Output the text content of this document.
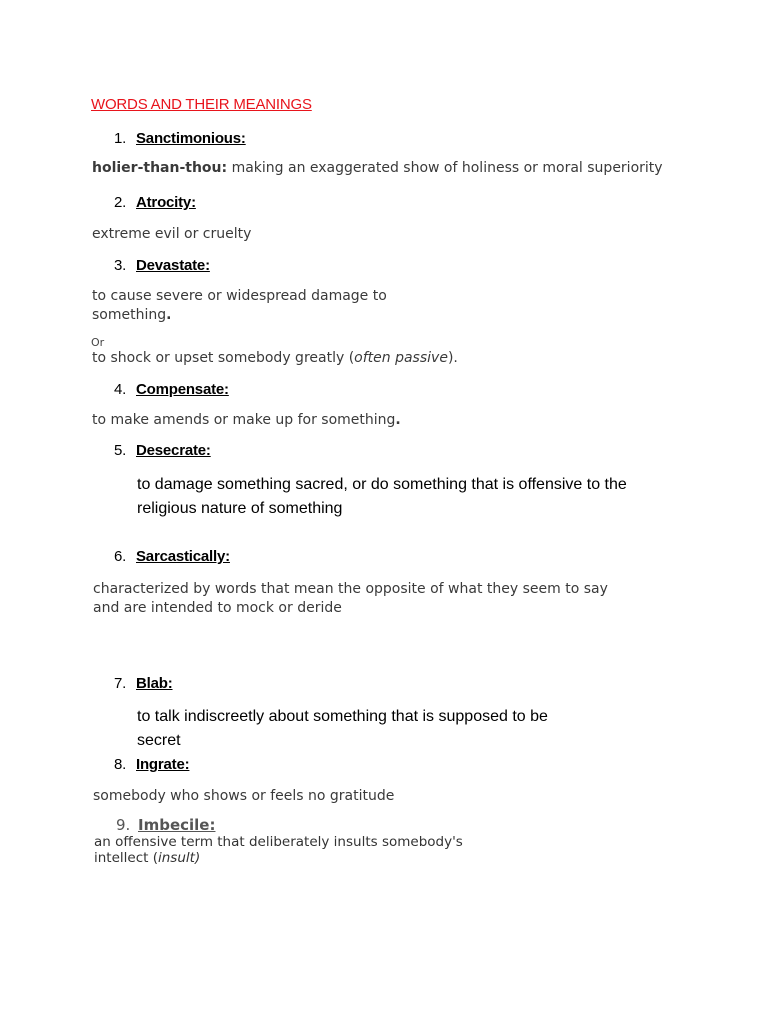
WORDS AND THEIR MEANINGS
1. Sanctimonious:
holier-than-thou: making an exaggerated show of holiness or moral superiority
2. Atrocity:
extreme evil or cruelty
3. Devastate:
to cause severe or widespread damage to
something.
Or
to shock or upset somebody greatly (often passive).
4. Compensate:
to make amends or make up for something.
5. Desecrate:
to damage something sacred, or do something that is offensive to the
religious nature of something
6. Sarcastically:
characterized by words that mean the opposite of what they seem to say
and are intended to mock or deride
7. Blab:
to talk indiscreetly about something that is supposed to be
secret
8. Ingrate:
somebody who shows or feels no gratitude
9. Imbecile:
an offensive term that deliberately insults somebody's
intellect (insult)
